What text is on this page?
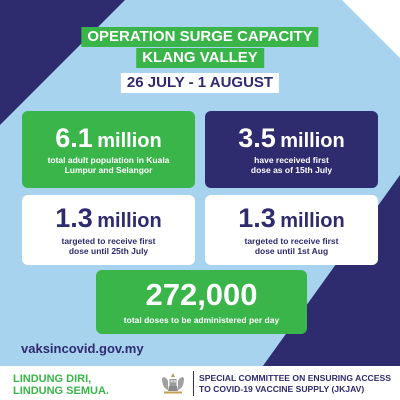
OPERATION SURGE CAPACITY
KLANG VALLEY
26 JULY - 1 AUGUST
6.1 million
total adult population in Kuala
Lumpur and Selangor
3.5 million
have received first
dose as of 15th July
1.3 million
targeted to receive first
dose until 25th July
1.3 million
targeted to receive first
dose until 1st Aug
272,000
total doses to be administered per day
vaksincovid.gov.my
LINDUNG DIRI,
LINDUNG SEMUA.
SPECIAL COMMITTEE ON ENSURING ACCESS
TO COVID-19 VACCINE SUPPLY (JKJAV)
